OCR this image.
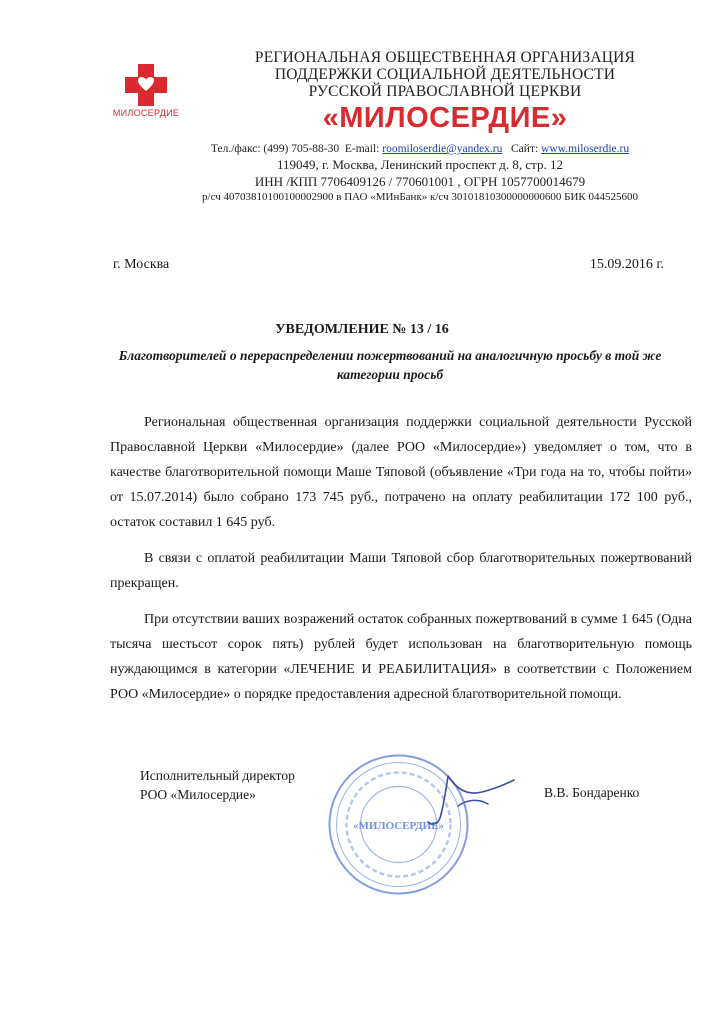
МИЛОСЕРДИЕ
РЕГИОНАЛЬНАЯ ОБЩЕСТВЕННАЯ ОРГАНИЗАЦИЯ
ПОДДЕРЖКИ СОЦИАЛЬНОЙ ДЕЯТЕЛЬНОСТИ
РУССКОЙ ПРАВОСЛАВНОЙ ЦЕРКВИ
«МИЛОСЕРДИЕ»
Тел./факс: (499) 705-88-30 E-mail: roomiloserdie@yandex.ru Сайт: www.miloserdie.ru
119049, г. Москва, Ленинский проспект д. 8, стр. 12
ИНН /КПП 7706409126 / 770601001 , ОГРН 1057700014679
р/сч 40703810100100002900 в ПАО «МИнБанк» к/сч 30101810300000000600 БИК 044525600
г. Москва	15.09.2016 г.
УВЕДОМЛЕНИЕ № 13 / 16
Благотворителей о перераспределении пожертвований на аналогичную просьбу в той же категории просьб

Региональная общественная организация поддержки социальной деятельности Русской Православной Церкви «Милосердие» (далее РОО «Милосердие») уведомляет о том, что в качестве благотворительной помощи Маше Тяповой (объявление «Три года на то, чтобы пойти» от 15.07.2014) было собрано 173 745 руб., потрачено на оплату реабилитации 172 100 руб., остаток составил 1 645 руб.

В связи с оплатой реабилитации Маши Тяповой сбор благотворительных пожертвований прекращен.

При отсутствии ваших возражений остаток собранных пожертвований в сумме 1 645 (Одна тысяча шестьсот сорок пять) рублей будет использован на благотворительную помощь нуждающимся в категории «ЛЕЧЕНИЕ И РЕАБИЛИТАЦИЯ» в соответствии с Положением РОО «Милосердие» о порядке предоставления адресной благотворительной помощи.

Исполнительный директор
РОО «Милосердие»
«МИЛОСЕРДИЕ»
В.В. Бондаренко
